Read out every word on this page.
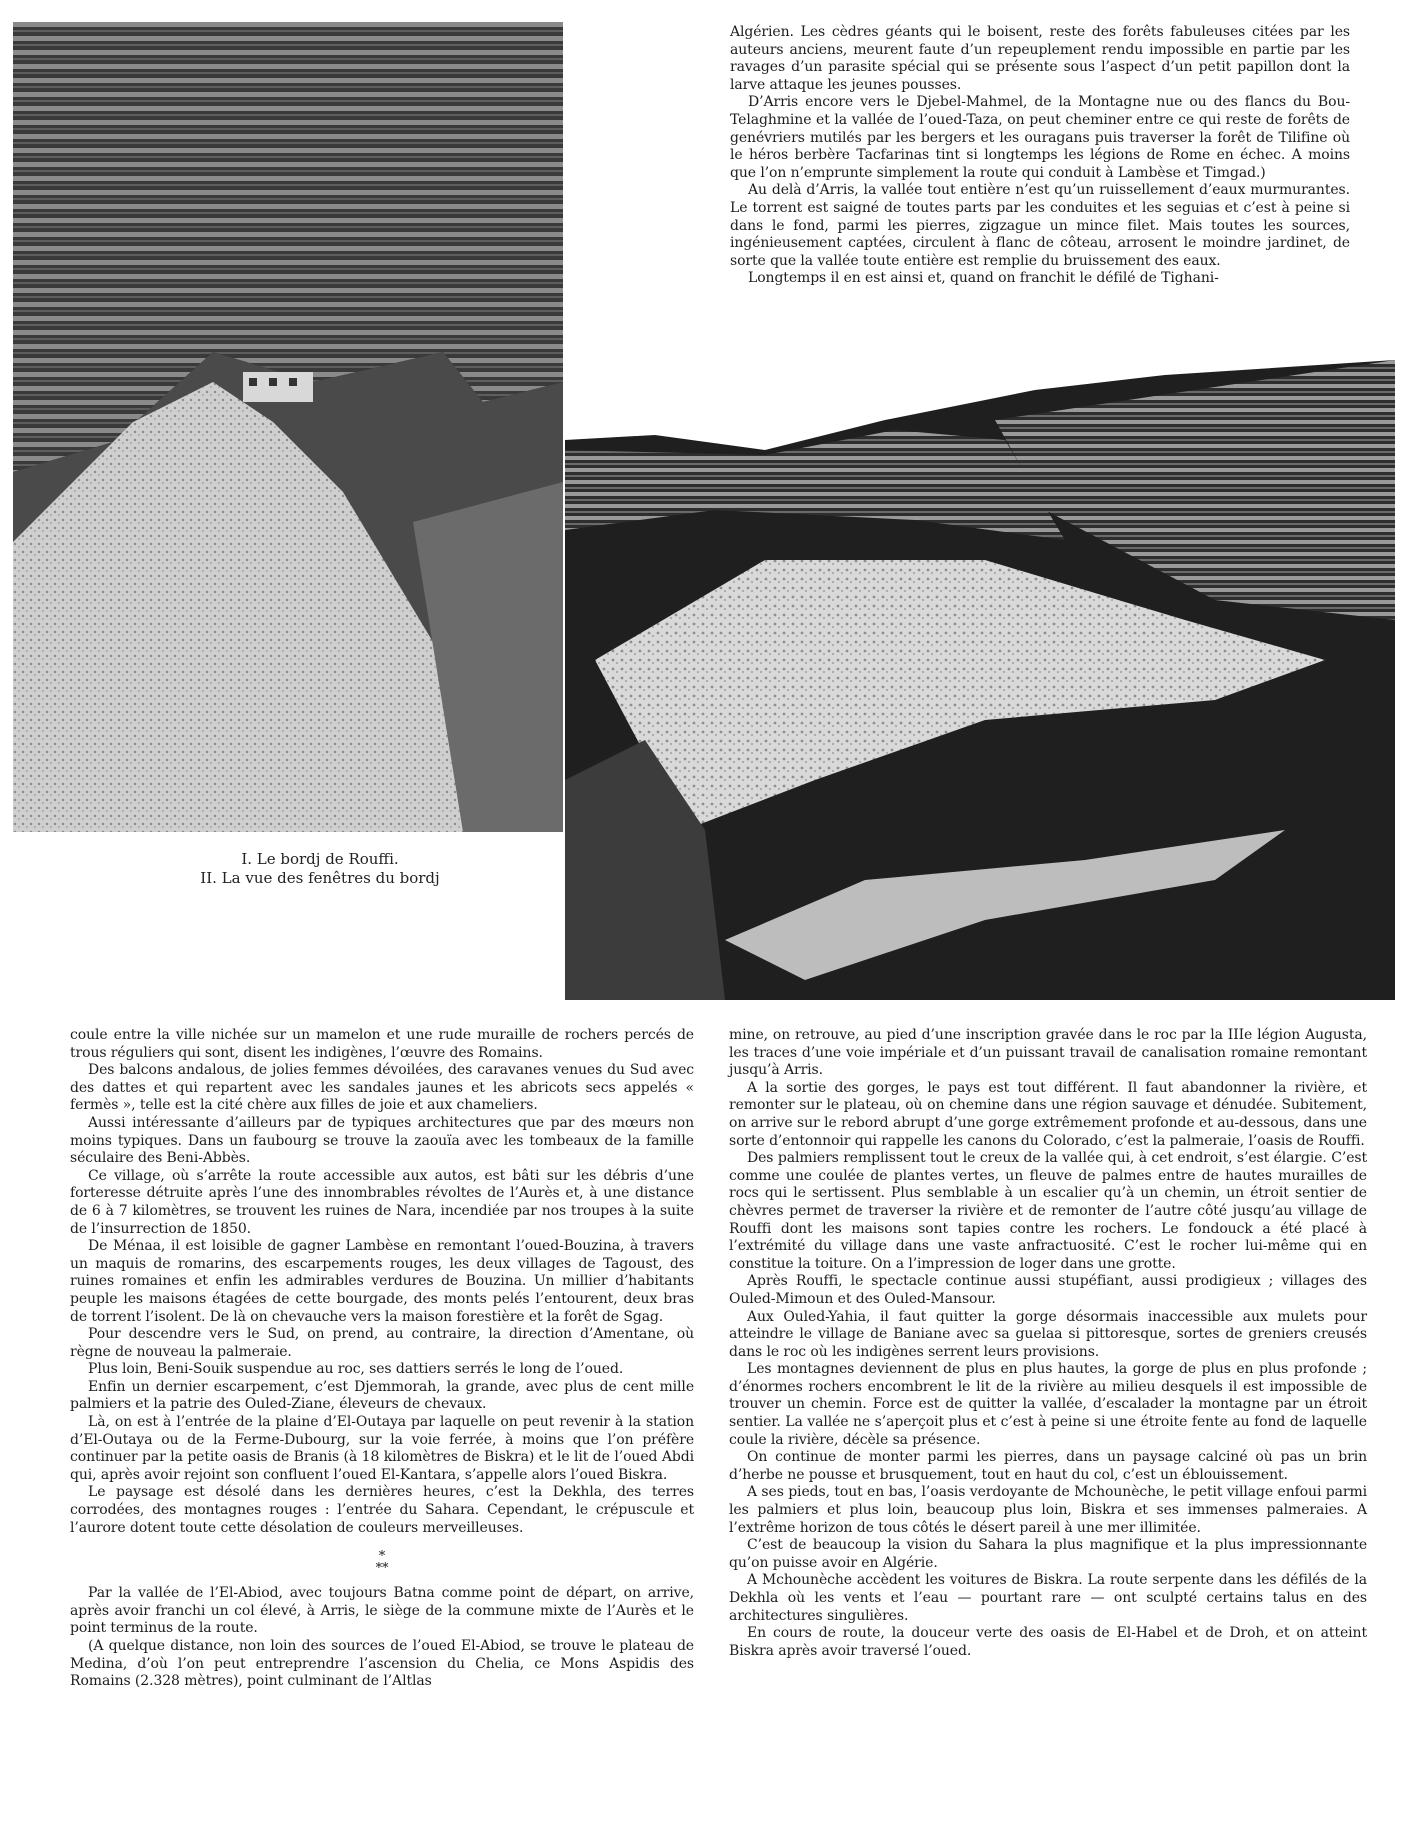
I. Le bordj de Rouffi.
II. La vue des fenêtres du bordj

Algérien. Les cèdres géants qui le boisent, reste des forêts fabuleuses citées par les auteurs anciens, meurent faute d’un repeuplement rendu impossible en partie par les ravages d’un parasite spécial qui se présente sous l’aspect d’un petit papillon dont la larve attaque les jeunes pousses.

D’Arris encore vers le Djebel-Mahmel, de la Montagne nue ou des flancs du Bou-Telaghmine et la vallée de l’oued-Taza, on peut cheminer entre ce qui reste de forêts de genévriers mutilés par les bergers et les ouragans puis traverser la forêt de Tilifine où le héros berbère Tacfarinas tint si longtemps les légions de Rome en échec. A moins que l’on n’emprunte simplement la route qui conduit à Lambèse et Timgad.)

Au delà d’Arris, la vallée tout entière n’est qu’un ruissellement d’eaux murmurantes. Le torrent est saigné de toutes parts par les conduites et les seguias et c’est à peine si dans le fond, parmi les pierres, zigzague un mince filet. Mais toutes les sources, ingénieusement captées, circulent à flanc de côteau, arrosent le moindre jardinet, de sorte que la vallée toute entière est remplie du bruissement des eaux.

Longtemps il en est ainsi et, quand on franchit le défilé de Tighani-

coule entre la ville nichée sur un mamelon et une rude muraille de rochers percés de trous réguliers qui sont, disent les indigènes, l’œuvre des Romains.

Des balcons andalous, de jolies femmes dévoilées, des caravanes venues du Sud avec des dattes et qui repartent avec les sandales jaunes et les abricots secs appelés « fermès », telle est la cité chère aux filles de joie et aux chameliers.

Aussi intéressante d’ailleurs par de typiques architectures que par des mœurs non moins typiques. Dans un faubourg se trouve la zaouïa avec les tombeaux de la famille séculaire des Beni-Abbès.

Ce village, où s’arrête la route accessible aux autos, est bâti sur les débris d’une forteresse détruite après l’une des innombrables révoltes de l’Aurès et, à une distance de 6 à 7 kilomètres, se trouvent les ruines de Nara, incendiée par nos troupes à la suite de l’insurrection de 1850.

De Ménaa, il est loisible de gagner Lambèse en remontant l’oued-Bouzina, à travers un maquis de romarins, des escarpements rouges, les deux villages de Tagoust, des ruines romaines et enfin les admirables verdures de Bouzina. Un millier d’habitants peuple les maisons étagées de cette bourgade, des monts pelés l’entourent, deux bras de torrent l’isolent. De là on chevauche vers la maison forestière et la forêt de Sgag.

Pour descendre vers le Sud, on prend, au contraire, la direction d’Amentane, où règne de nouveau la palmeraie.

Plus loin, Beni-Souik suspendue au roc, ses dattiers serrés le long de l’oued.

Enfin un dernier escarpement, c’est Djemmorah, la grande, avec plus de cent mille palmiers et la patrie des Ouled-Ziane, éleveurs de chevaux.

Là, on est à l’entrée de la plaine d’El-Outaya par laquelle on peut revenir à la station d’El-Outaya ou de la Ferme-Dubourg, sur la voie ferrée, à moins que l’on préfère continuer par la petite oasis de Branis (à 18 kilomètres de Biskra) et le lit de l’oued Abdi qui, après avoir rejoint son confluent l’oued El-Kantara, s’appelle alors l’oued Biskra.

Le paysage est désolé dans les dernières heures, c’est la Dekhla, des terres corrodées, des montagnes rouges : l’entrée du Sahara. Cependant, le crépuscule et l’aurore dotent toute cette désolation de couleurs merveilleuses.

*
**

Par la vallée de l’El-Abiod, avec toujours Batna comme point de départ, on arrive, après avoir franchi un col élevé, à Arris, le siège de la commune mixte de l’Aurès et le point terminus de la route.

(A quelque distance, non loin des sources de l’oued El-Abiod, se trouve le plateau de Medina, d’où l’on peut entreprendre l’ascension du Chelia, ce Mons Aspidis des Romains (2.328 mètres), point culminant de l’Altlas

mine, on retrouve, au pied d’une inscription gravée dans le roc par la IIIe légion Augusta, les traces d’une voie impériale et d’un puissant travail de canalisation romaine remontant jusqu’à Arris.

A la sortie des gorges, le pays est tout différent. Il faut abandonner la rivière, et remonter sur le plateau, où on chemine dans une région sauvage et dénudée. Subitement, on arrive sur le rebord abrupt d’une gorge extrêmement profonde et au-dessous, dans une sorte d’entonnoir qui rappelle les canons du Colorado, c’est la palmeraie, l’oasis de Rouffi.

Des palmiers remplissent tout le creux de la vallée qui, à cet endroit, s’est élargie. C’est comme une coulée de plantes vertes, un fleuve de palmes entre de hautes murailles de rocs qui le sertissent. Plus semblable à un escalier qu’à un chemin, un étroit sentier de chèvres permet de traverser la rivière et de remonter de l’autre côté jusqu’au village de Rouffi dont les maisons sont tapies contre les rochers. Le fondouck a été placé à l’extrémité du village dans une vaste anfractuosité. C’est le rocher lui-même qui en constitue la toiture. On a l’impression de loger dans une grotte.

Après Rouffi, le spectacle continue aussi stupéfiant, aussi prodigieux ; villages des Ouled-Mimoun et des Ouled-Mansour.

Aux Ouled-Yahia, il faut quitter la gorge désormais inaccessible aux mulets pour atteindre le village de Baniane avec sa guelaa si pittoresque, sortes de greniers creusés dans le roc où les indigènes serrent leurs provisions.

Les montagnes deviennent de plus en plus hautes, la gorge de plus en plus profonde ; d’énormes rochers encombrent le lit de la rivière au milieu desquels il est impossible de trouver un chemin. Force est de quitter la vallée, d’escalader la montagne par un étroit sentier. La vallée ne s’aperçoit plus et c’est à peine si une étroite fente au fond de laquelle coule la rivière, décèle sa présence.

On continue de monter parmi les pierres, dans un paysage calciné où pas un brin d’herbe ne pousse et brusquement, tout en haut du col, c’est un éblouissement.

A ses pieds, tout en bas, l’oasis verdoyante de Mchounèche, le petit village enfoui parmi les palmiers et plus loin, beaucoup plus loin, Biskra et ses immenses palmeraies. A l’extrême horizon de tous côtés le désert pareil à une mer illimitée.

C’est de beaucoup la vision du Sahara la plus magnifique et la plus impressionnante qu’on puisse avoir en Algérie.

A Mchounèche accèdent les voitures de Biskra. La route serpente dans les défilés de la Dekhla où les vents et l’eau — pourtant rare — ont sculpté certains talus en des architectures singulières.

En cours de route, la douceur verte des oasis de El-Habel et de Droh, et on atteint Biskra après avoir traversé l’oued.
